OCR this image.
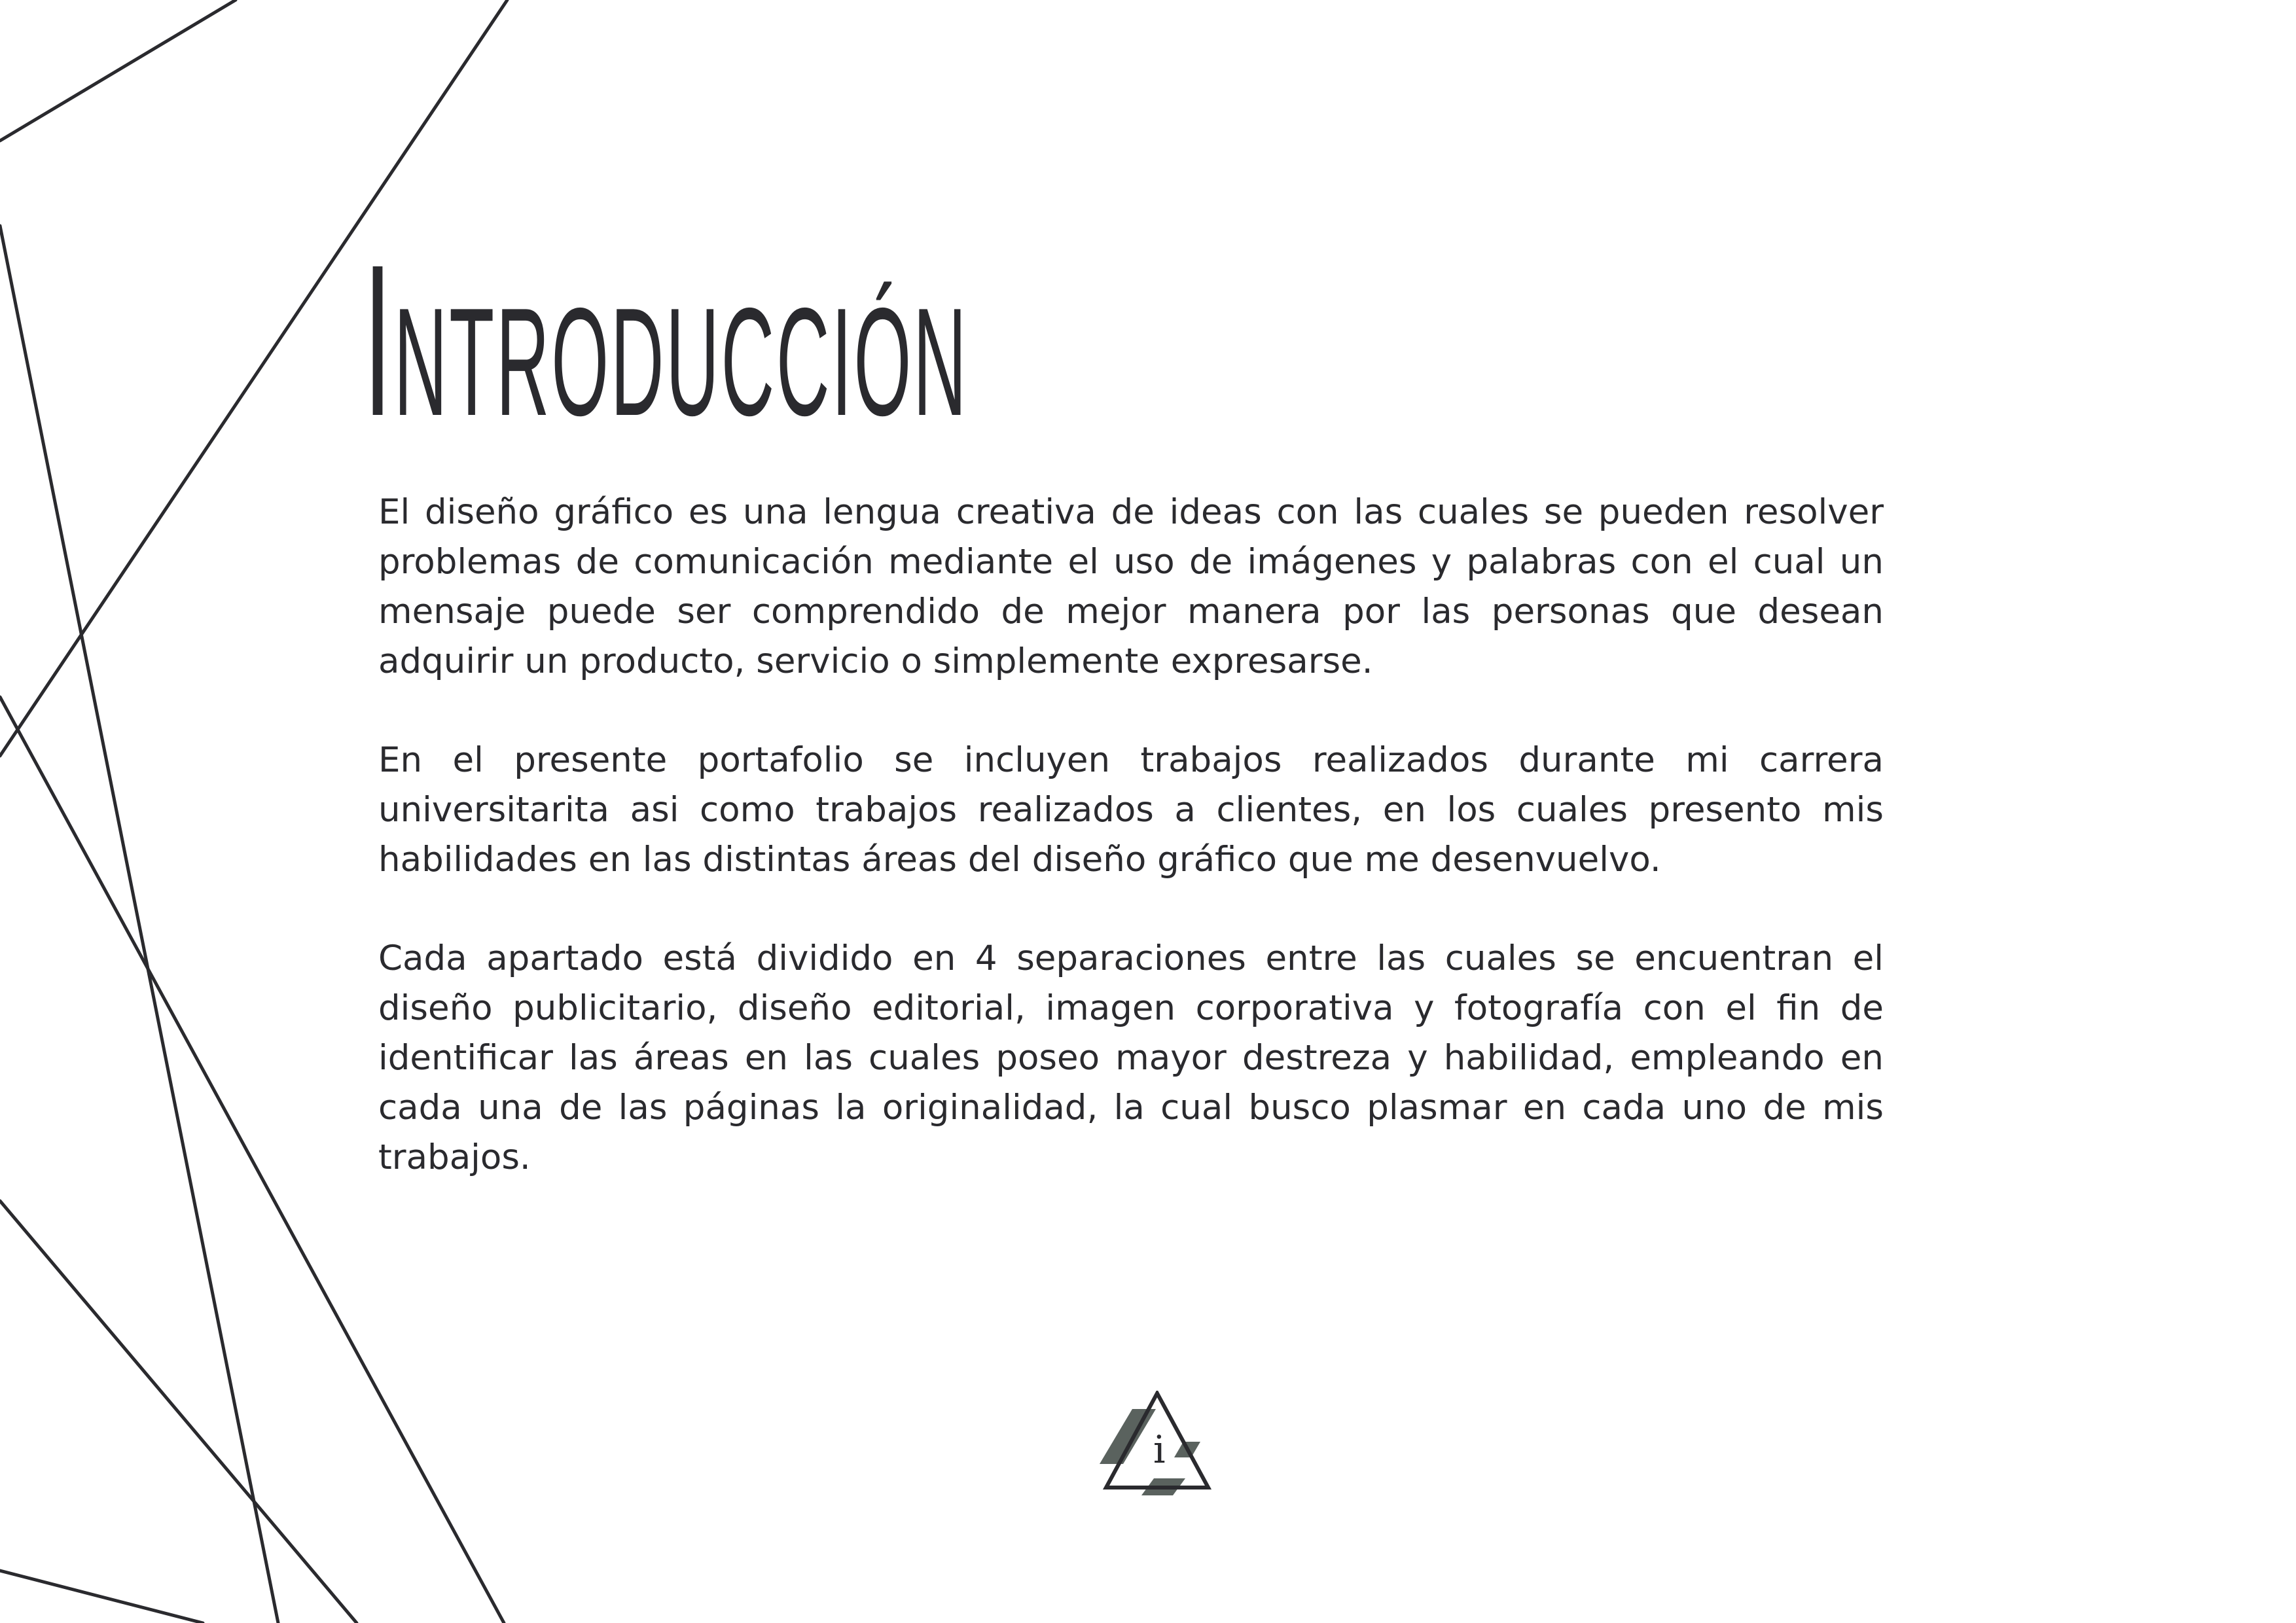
INTRODUCCIÓN

El diseño gráfico es una lengua creativa de ideas con las cuales se pueden resolver problemas de comunicación mediante el uso de imágenes y palabras con el cual un mensaje puede ser comprendido de mejor manera por las personas que desean adquirir un producto, servicio o simplemente expresarse.

En el presente portafolio se incluyen trabajos realizados durante mi carrera universitarita asi como trabajos realizados a clientes, en los cuales presento mis habilidades en las distintas áreas del diseño gráfico que me desenvuelvo.

Cada apartado está dividido en 4 separaciones entre las cuales se encuentran el diseño publicitario, diseño editorial, imagen corporativa y fotografía con el fin de identificar las áreas en las cuales poseo mayor destreza y habilidad, empleando en cada una de las páginas la originalidad, la cual busco plasmar en cada uno de mis trabajos.

i
